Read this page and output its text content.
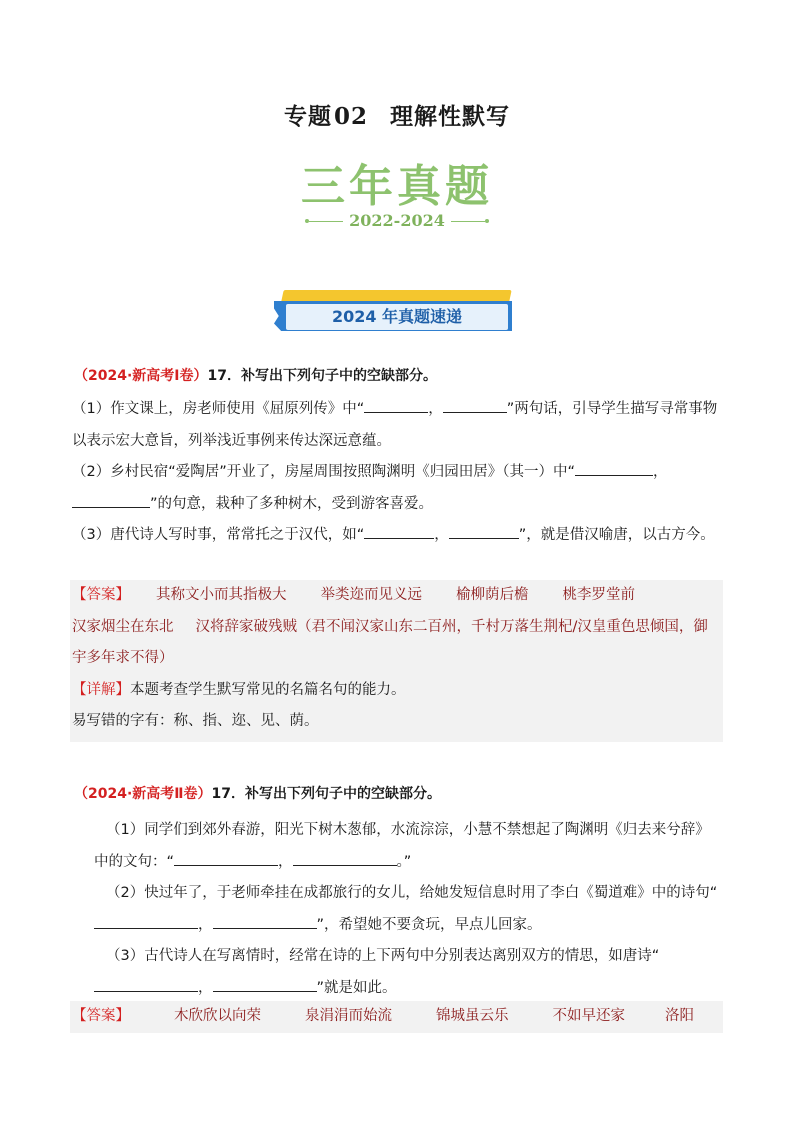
专题02 理解性默写
三年真题
2022-2024
2024 年真题速递
（2024·新高考Ⅰ卷）17．补写出下列句子中的空缺部分。
（1）作文课上，房老师使用《屈原列传》中“	，	”两句话，引导学生描写寻常事物以表示宏大意旨，列举浅近事例来传达深远意蕴。
（2）乡村民宿“爱陶居”开业了，房屋周围按照陶渊明《归园田居》（其一）中“	，”的句意，栽种了多种树木，受到游客喜爱。
（3）唐代诗人写时事，常常托之于汉代，如“	，	”，就是借汉喻唐，以古方今。
【答案】 其称文小而其指极大 举类迩而见义远 榆柳荫后檐 桃李罗堂前汉家烟尘在东北 汉将辞家破残贼（君不闻汉家山东二百州，千村万落生荆杞/汉皇重色思倾国，御宇多年求不得）
【详解】本题考查学生默写常见的名篇名句的能力。
易写错的字有：称、指、迩、见、荫。
（2024·新高考Ⅱ卷）17．补写出下列句子中的空缺部分。
（1）同学们到郊外春游，阳光下树木葱郁，水流淙淙，小慧不禁想起了陶渊明《归去来兮辞》中的文句：“	，	。”
（2）快过年了，于老师牵挂在成都旅行的女儿，给她发短信息时用了李白《蜀道难》中的诗句“，	”，希望她不要贪玩，早点儿回家。
（3）古代诗人在写离情时，经常在诗的上下两句中分别表达离别双方的情思，如唐诗“，	”就是如此。
【答案】	木欣欣以向荣	泉涓涓而始流	锦城虽云乐	不如早还家	洛阳
